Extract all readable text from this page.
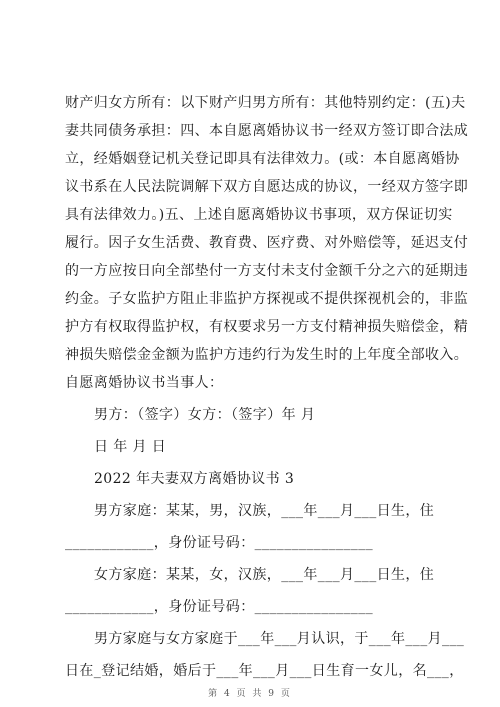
财产归女方所有：以下财产归男方所有：其他特别约定：(五)夫
妻共同债务承担：四、本自愿离婚协议书一经双方签订即合法成
立，经婚姻登记机关登记即具有法律效力。(或：本自愿离婚协
议书系在人民法院调解下双方自愿达成的协议，一经双方签字即
具有法律效力。)五、上述自愿离婚协议书事项，双方保证切实
履行。因子女生活费、教育费、医疗费、对外赔偿等，延迟支付
的一方应按日向全部垫付一方支付未支付金额千分之六的延期违
约金。子女监护方阻止非监护方探视或不提供探视机会的，非监
护方有权取得监护权，有权要求另一方支付精神损失赔偿金，精
神损失赔偿金金额为监护方违约行为发生时的上年度全部收入。
自愿离婚协议书当事人：
男方：（签字）女方：（签字）年 月
日 年 月 日
2022 年夫妻双方离婚协议书 3
男方家庭：某某，男，汉族，___年___月___日生，住
____________，身份证号码：________________
女方家庭：某某，女，汉族，___年___月___日生，住
____________，身份证号码：________________
男方家庭与女方家庭于___年___月认识，于___年___月___
日在_登记结婚，婚后于___年___月___日生育一女儿，名___，
第 4 页 共 9 页
